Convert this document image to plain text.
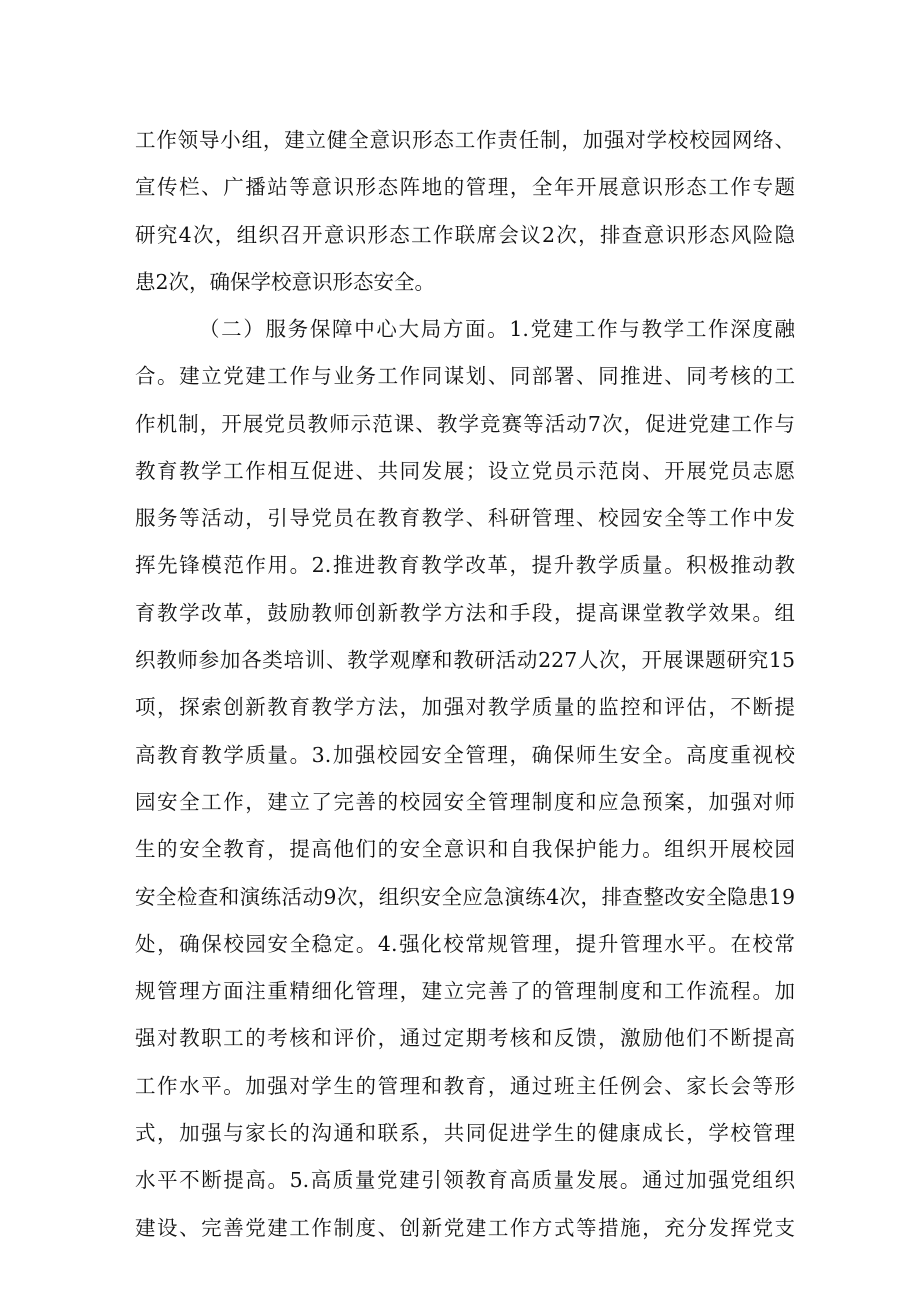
工作领导小组，建立健全意识形态工作责任制，加强对学校校园网络、
宣传栏、广播站等意识形态阵地的管理，全年开展意识形态工作专题
研究4次，组织召开意识形态工作联席会议2次，排查意识形态风险隐
患2次，确保学校意识形态安全。
（二）服务保障中心大局方面。1.党建工作与教学工作深度融
合。建立党建工作与业务工作同谋划、同部署、同推进、同考核的工
作机制，开展党员教师示范课、教学竞赛等活动7次，促进党建工作与
教育教学工作相互促进、共同发展；设立党员示范岗、开展党员志愿
服务等活动，引导党员在教育教学、科研管理、校园安全等工作中发
挥先锋模范作用。2.推进教育教学改革，提升教学质量。积极推动教
育教学改革，鼓励教师创新教学方法和手段，提高课堂教学效果。组
织教师参加各类培训、教学观摩和教研活动227人次，开展课题研究15
项，探索创新教育教学方法，加强对教学质量的监控和评估，不断提
高教育教学质量。3.加强校园安全管理，确保师生安全。高度重视校
园安全工作，建立了完善的校园安全管理制度和应急预案，加强对师
生的安全教育，提高他们的安全意识和自我保护能力。组织开展校园
安全检查和演练活动9次，组织安全应急演练4次，排查整改安全隐患19
处，确保校园安全稳定。4.强化校常规管理，提升管理水平。在校常
规管理方面注重精细化管理，建立完善了的管理制度和工作流程。加
强对教职工的考核和评价，通过定期考核和反馈，激励他们不断提高
工作水平。加强对学生的管理和教育，通过班主任例会、家长会等形
式，加强与家长的沟通和联系，共同促进学生的健康成长，学校管理
水平不断提高。5.高质量党建引领教育高质量发展。通过加强党组织
建设、完善党建工作制度、创新党建工作方式等措施，充分发挥党支
